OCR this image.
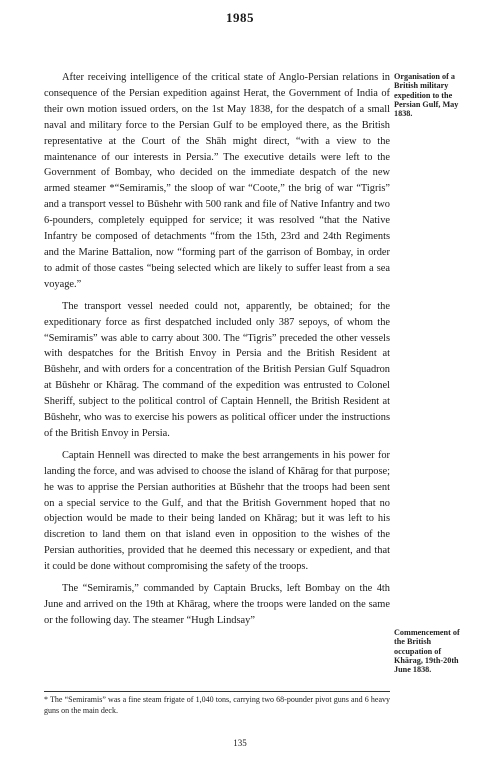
1985

After receiving intelligence of the critical state of Anglo-Persian relations in consequence of the Persian expedition against Herat, the Government of India of their own motion issued orders, on the 1st May 1838, for the despatch of a small naval and military force to the Persian Gulf to be employed there, as the British representative at the Court of the Shāh might direct, “with a view to the maintenance of our interests in Persia.” The executive details were left to the Government of Bombay, who decided on the immediate despatch of the new armed steamer *“Semiramis,” the sloop of war “Coote,” the brig of war “Tigris” and a transport vessel to Būshehr with 500 rank and file of Native Infantry and two 6-pounders, completely equipped for service; it was resolved “that the Native Infantry be composed of detachments “from the 15th, 23rd and 24th Regiments and the Marine Battalion, now “forming part of the garrison of Bombay, in order to admit of those castes “being selected which are likely to suffer least from a sea voyage.”

The transport vessel needed could not, apparently, be obtained; for the expeditionary force as first despatched included only 387 sepoys, of whom the “Semiramis” was able to carry about 300. The “Tigris” preceded the other vessels with despatches for the British Envoy in Persia and the British Resident at Būshehr, and with orders for a concentration of the British Persian Gulf Squadron at Būshehr or Khārag. The command of the expedition was entrusted to Colonel Sheriff, subject to the political control of Captain Hennell, the British Resident at Būshehr, who was to exercise his powers as political officer under the instructions of the British Envoy in Persia.

Captain Hennell was directed to make the best arrangements in his power for landing the force, and was advised to choose the island of Khārag for that purpose; he was to apprise the Persian authorities at Būshehr that the troops had been sent on a special service to the Gulf, and that the British Government hoped that no objection would be made to their being landed on Khārag; but it was left to his discretion to land them on that island even in opposition to the wishes of the Persian authorities, provided that he deemed this necessary or expedient, and that it could be done without compromising the safety of the troops.

The “Semiramis,” commanded by Captain Brucks, left Bombay on the 4th June and arrived on the 19th at Khārag, where the troops were landed on the same or the following day. The steamer “Hugh Lindsay”

Organisation of a British military expedition to the Persian Gulf, May 1838.
Commencement of the British occupation of Khārag, 19th-20th June 1838.
* The “Semiramis” was a fine steam frigate of 1,040 tons, carrying two 68-pounder pivot guns and 6 heavy guns on the main deck.
135
